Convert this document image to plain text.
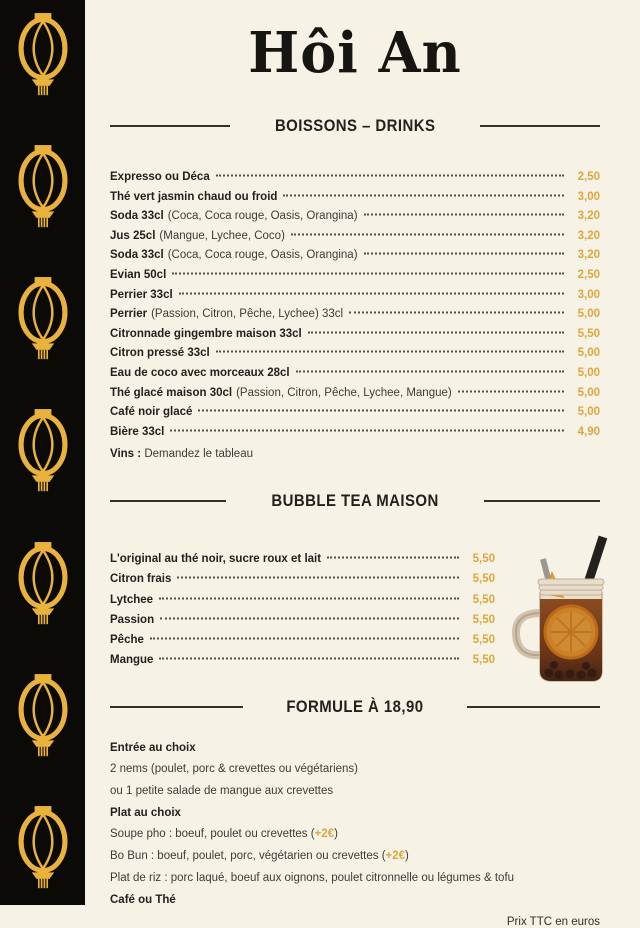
Hôi An
BOISSONS – DRINKS
Expresso ou Déca	2,50
Thé vert jasmin chaud ou froid	3,00
Soda 33cl (Coca, Coca rouge, Oasis, Orangina)	3,20
Jus 25cl (Mangue, Lychee, Coco)	3,20
Soda 33cl (Coca, Coca rouge, Oasis, Orangina)	3,20
Evian 50cl	2,50
Perrier 33cl	3,00
Perrier (Passion, Citron, Pêche, Lychee) 33cl	5,00
Citronnade gingembre maison 33cl	5,50
Citron pressé 33cl	5,00
Eau de coco avec morceaux 28cl	5,00
Thé glacé maison 30cl (Passion, Citron, Pêche, Lychee, Mangue)	5,00
Café noir glacé	5,00
Bière 33cl	4,90

Vins : Demandez le tableau

BUBBLE TEA MAISON
L'original au thé noir, sucre roux et lait	5,50
Citron frais	5,50
Lytchee	5,50
Passion	5,50
Pêche	5,50
Mangue	5,50
FORMULE À 18,90

Entrée au choix

2 nems (poulet, porc & crevettes ou végétariens)

ou 1 petite salade de mangue aux crevettes

Plat au choix

Soupe pho : boeuf, poulet ou crevettes (+2€)

Bo Bun : boeuf, poulet, porc, végétarien ou crevettes (+2€)

Plat de riz : porc laqué, boeuf aux oignons, poulet citronnelle ou légumes & tofu

Café ou Thé

Prix TTC en euros
